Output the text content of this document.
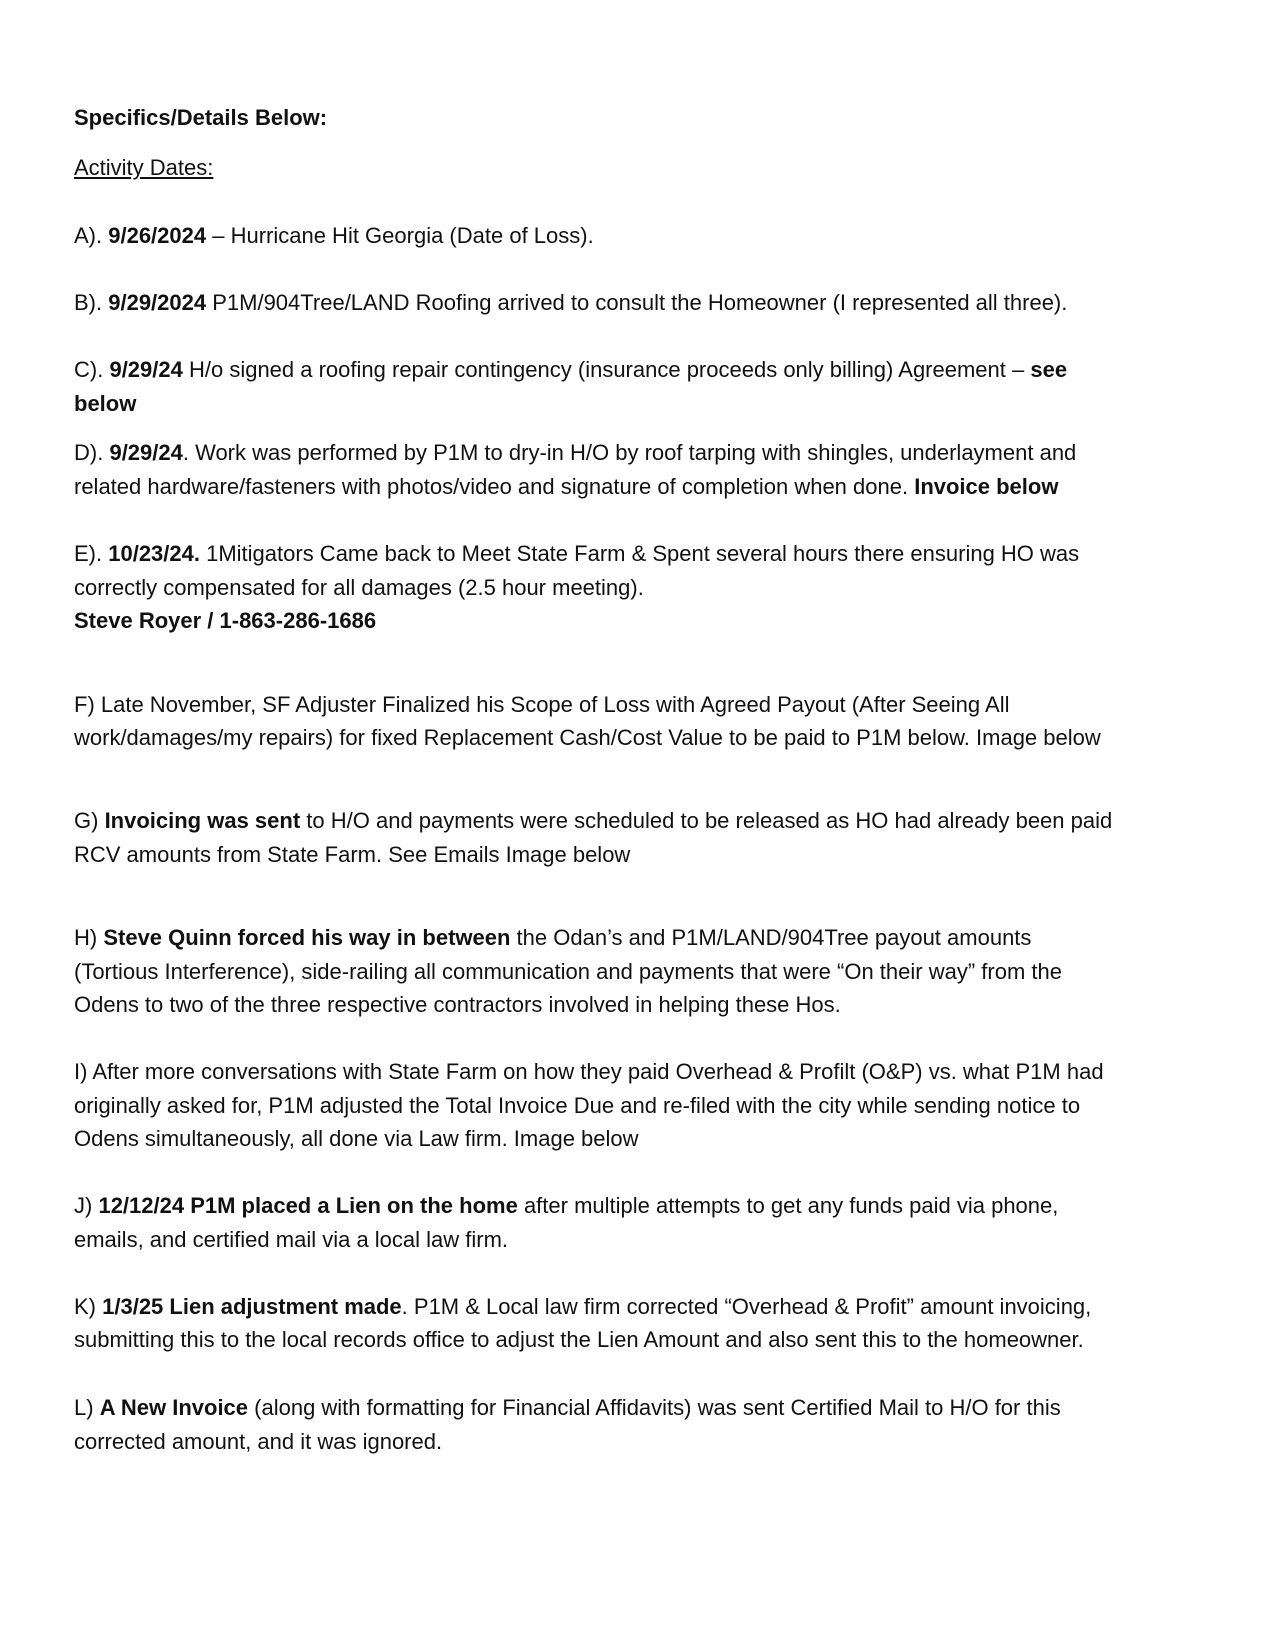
Specifics/Details Below:
Activity Dates:
A). 9/26/2024 – Hurricane Hit Georgia (Date of Loss).
B). 9/29/2024 P1M/904Tree/LAND Roofing arrived to consult the Homeowner (I represented all three).
C). 9/29/24 H/o signed a roofing repair contingency (insurance proceeds only billing) Agreement – see
below
D). 9/29/24. Work was performed by P1M to dry-in H/O by roof tarping with shingles, underlayment and
related hardware/fasteners with photos/video and signature of completion when done. Invoice below
E). 10/23/24. 1Mitigators Came back to Meet State Farm & Spent several hours there ensuring HO was
correctly compensated for all damages (2.5 hour meeting).
Steve Royer / 1-863-286-1686
F) Late November, SF Adjuster Finalized his Scope of Loss with Agreed Payout (After Seeing All
work/damages/my repairs) for fixed Replacement Cash/Cost Value to be paid to P1M below. Image below
G) Invoicing was sent to H/O and payments were scheduled to be released as HO had already been paid
RCV amounts from State Farm. See Emails Image below
H) Steve Quinn forced his way in between the Odan’s and P1M/LAND/904Tree payout amounts
(Tortious Interference), side-railing all communication and payments that were “On their way” from the
Odens to two of the three respective contractors involved in helping these Hos.
I) After more conversations with State Farm on how they paid Overhead & Profilt (O&P) vs. what P1M had
originally asked for, P1M adjusted the Total Invoice Due and re-filed with the city while sending notice to
Odens simultaneously, all done via Law firm. Image below
J) 12/12/24 P1M placed a Lien on the home after multiple attempts to get any funds paid via phone,
emails, and certified mail via a local law firm.
K) 1/3/25 Lien adjustment made. P1M & Local law firm corrected “Overhead & Profit” amount invoicing,
submitting this to the local records office to adjust the Lien Amount and also sent this to the homeowner.
L) A New Invoice (along with formatting for Financial Affidavits) was sent Certified Mail to H/O for this
corrected amount, and it was ignored.
